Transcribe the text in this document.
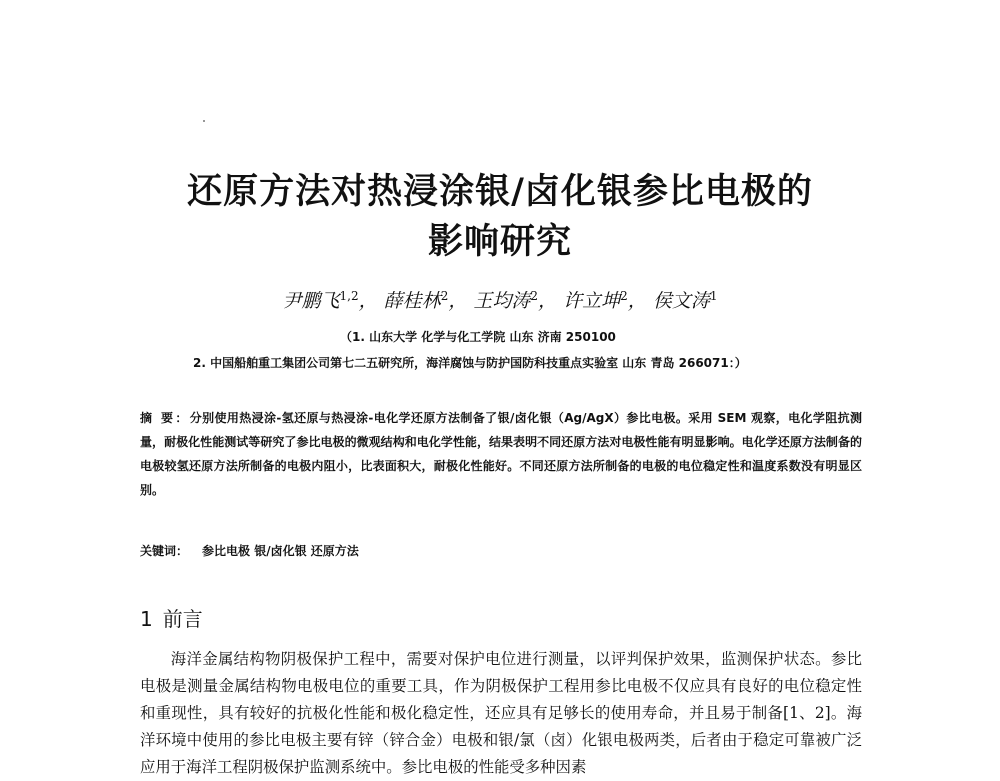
还原方法对热浸涂银/卤化银参比电极的
影响研究
尹鹏飞$^{1,2}$， 薛桂林$^2$， 王均涛$^2$， 许立坤$^2$， 侯文涛$^1$
（1. 山东大学 化学与化工学院 山东 济南 250100
2. 中国船舶重工集团公司第七二五研究所，海洋腐蚀与防护国防科技重点实验室 山东 青岛 266071：）
摘 要：分别使用热浸涂-氢还原与热浸涂-电化学还原方法制备了银/卤化银（Ag/AgX）参比电极。采用 SEM 观察，电化学阻抗测量，耐极化性能测试等研究了参比电极的微观结构和电化学性能，结果表明不同还原方法对电极性能有明显影响。电化学还原方法制备的电极较氢还原方法所制备的电极内阻小，比表面积大，耐极化性能好。不同还原方法所制备的电极的电位稳定性和温度系数没有明显区别。
关键词： 参比电极 银/卤化银 还原方法
1 前言

海洋金属结构物阴极保护工程中，需要对保护电位进行测量，以评判保护效果，监测保护状态。参比电极是测量金属结构物电极电位的重要工具，作为阴极保护工程用参比电极不仅应具有良好的电位稳定性和重现性，具有较好的抗极化性能和极化稳定性，还应具有足够长的使用寿命，并且易于制备[1、2]。海洋环境中使用的参比电极主要有锌（锌合金）电极和银/氯（卤）化银电极两类，后者由于稳定可靠被广泛应用于海洋工程阴极保护监测系统中。参比电极的性能受多种因素
